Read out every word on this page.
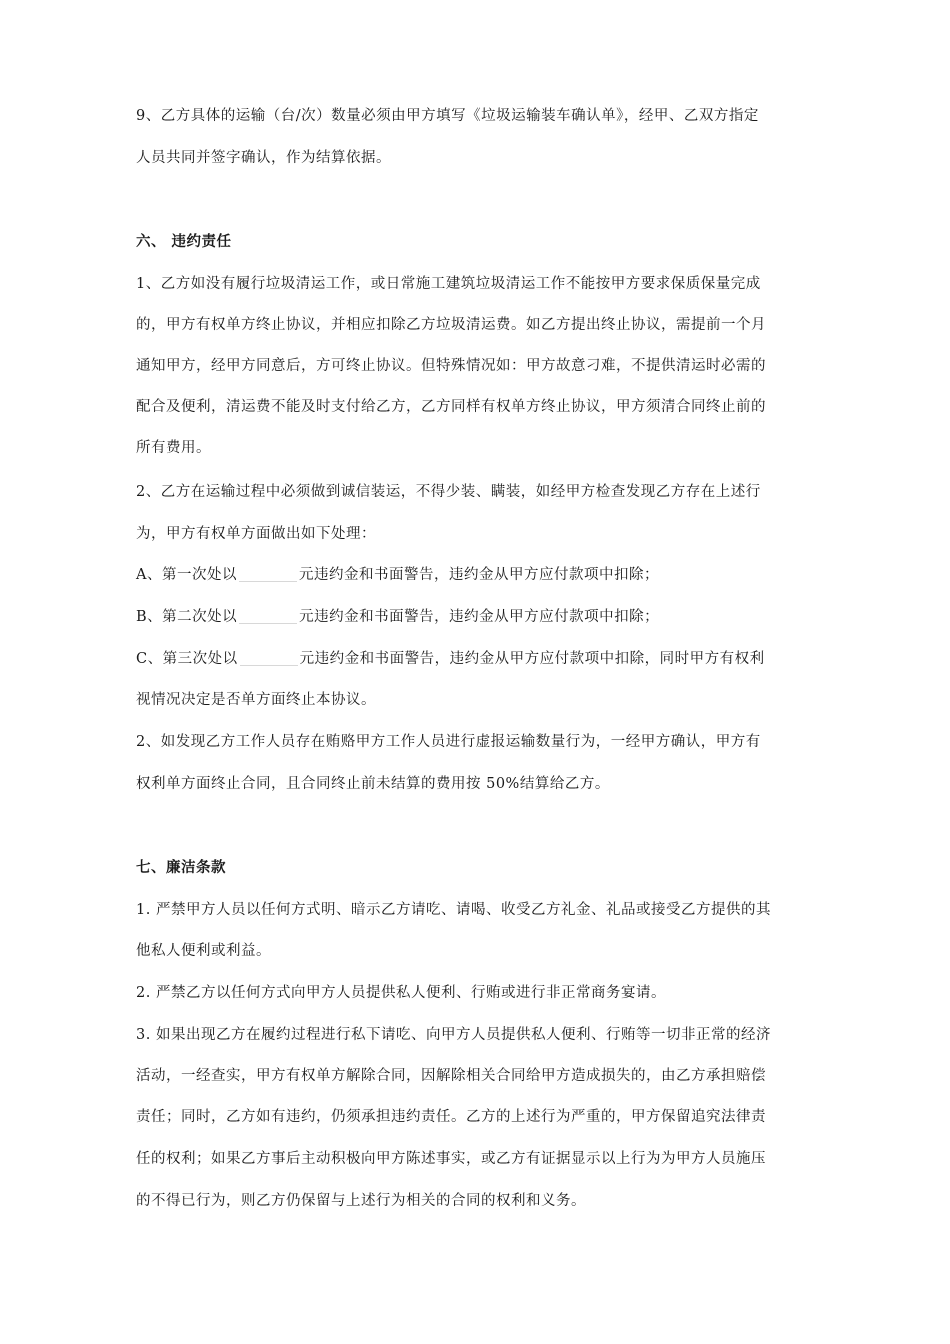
9、乙方具体的运输（台/次）数量必须由甲方填写《垃圾运输装车确认单》，经甲、乙双方指定
人员共同并签字确认，作为结算依据。
六、 违约责任
1、乙方如没有履行垃圾清运工作，或日常施工建筑垃圾清运工作不能按甲方要求保质保量完成
的，甲方有权单方终止协议，并相应扣除乙方垃圾清运费。如乙方提出终止协议，需提前一个月
通知甲方，经甲方同意后，方可终止协议。但特殊情况如：甲方故意刁难，不提供清运时必需的
配合及便利，清运费不能及时支付给乙方，乙方同样有权单方终止协议，甲方须清合同终止前的
所有费用。
2、乙方在运输过程中必须做到诚信装运，不得少装、瞒装，如经甲方检查发现乙方存在上述行
为，甲方有权单方面做出如下处理：
A、第一次处以	元违约金和书面警告，违约金从甲方应付款项中扣除；
B、第二次处以	元违约金和书面警告，违约金从甲方应付款项中扣除；
C、第三次处以	元违约金和书面警告，违约金从甲方应付款项中扣除，同时甲方有权利
视情况决定是否单方面终止本协议。
2、如发现乙方工作人员存在贿赂甲方工作人员进行虚报运输数量行为，一经甲方确认，甲方有
权利单方面终止合同，且合同终止前未结算的费用按 50%结算给乙方。
七、廉洁条款
1. 严禁甲方人员以任何方式明、暗示乙方请吃、请喝、收受乙方礼金、礼品或接受乙方提供的其
他私人便利或利益。
2. 严禁乙方以任何方式向甲方人员提供私人便利、行贿或进行非正常商务宴请。
3. 如果出现乙方在履约过程进行私下请吃、向甲方人员提供私人便利、行贿等一切非正常的经济
活动，一经查实，甲方有权单方解除合同，因解除相关合同给甲方造成损失的，由乙方承担赔偿
责任；同时，乙方如有违约，仍须承担违约责任。乙方的上述行为严重的，甲方保留追究法律责
任的权利；如果乙方事后主动积极向甲方陈述事实，或乙方有证据显示以上行为为甲方人员施压
的不得已行为，则乙方仍保留与上述行为相关的合同的权利和义务。
